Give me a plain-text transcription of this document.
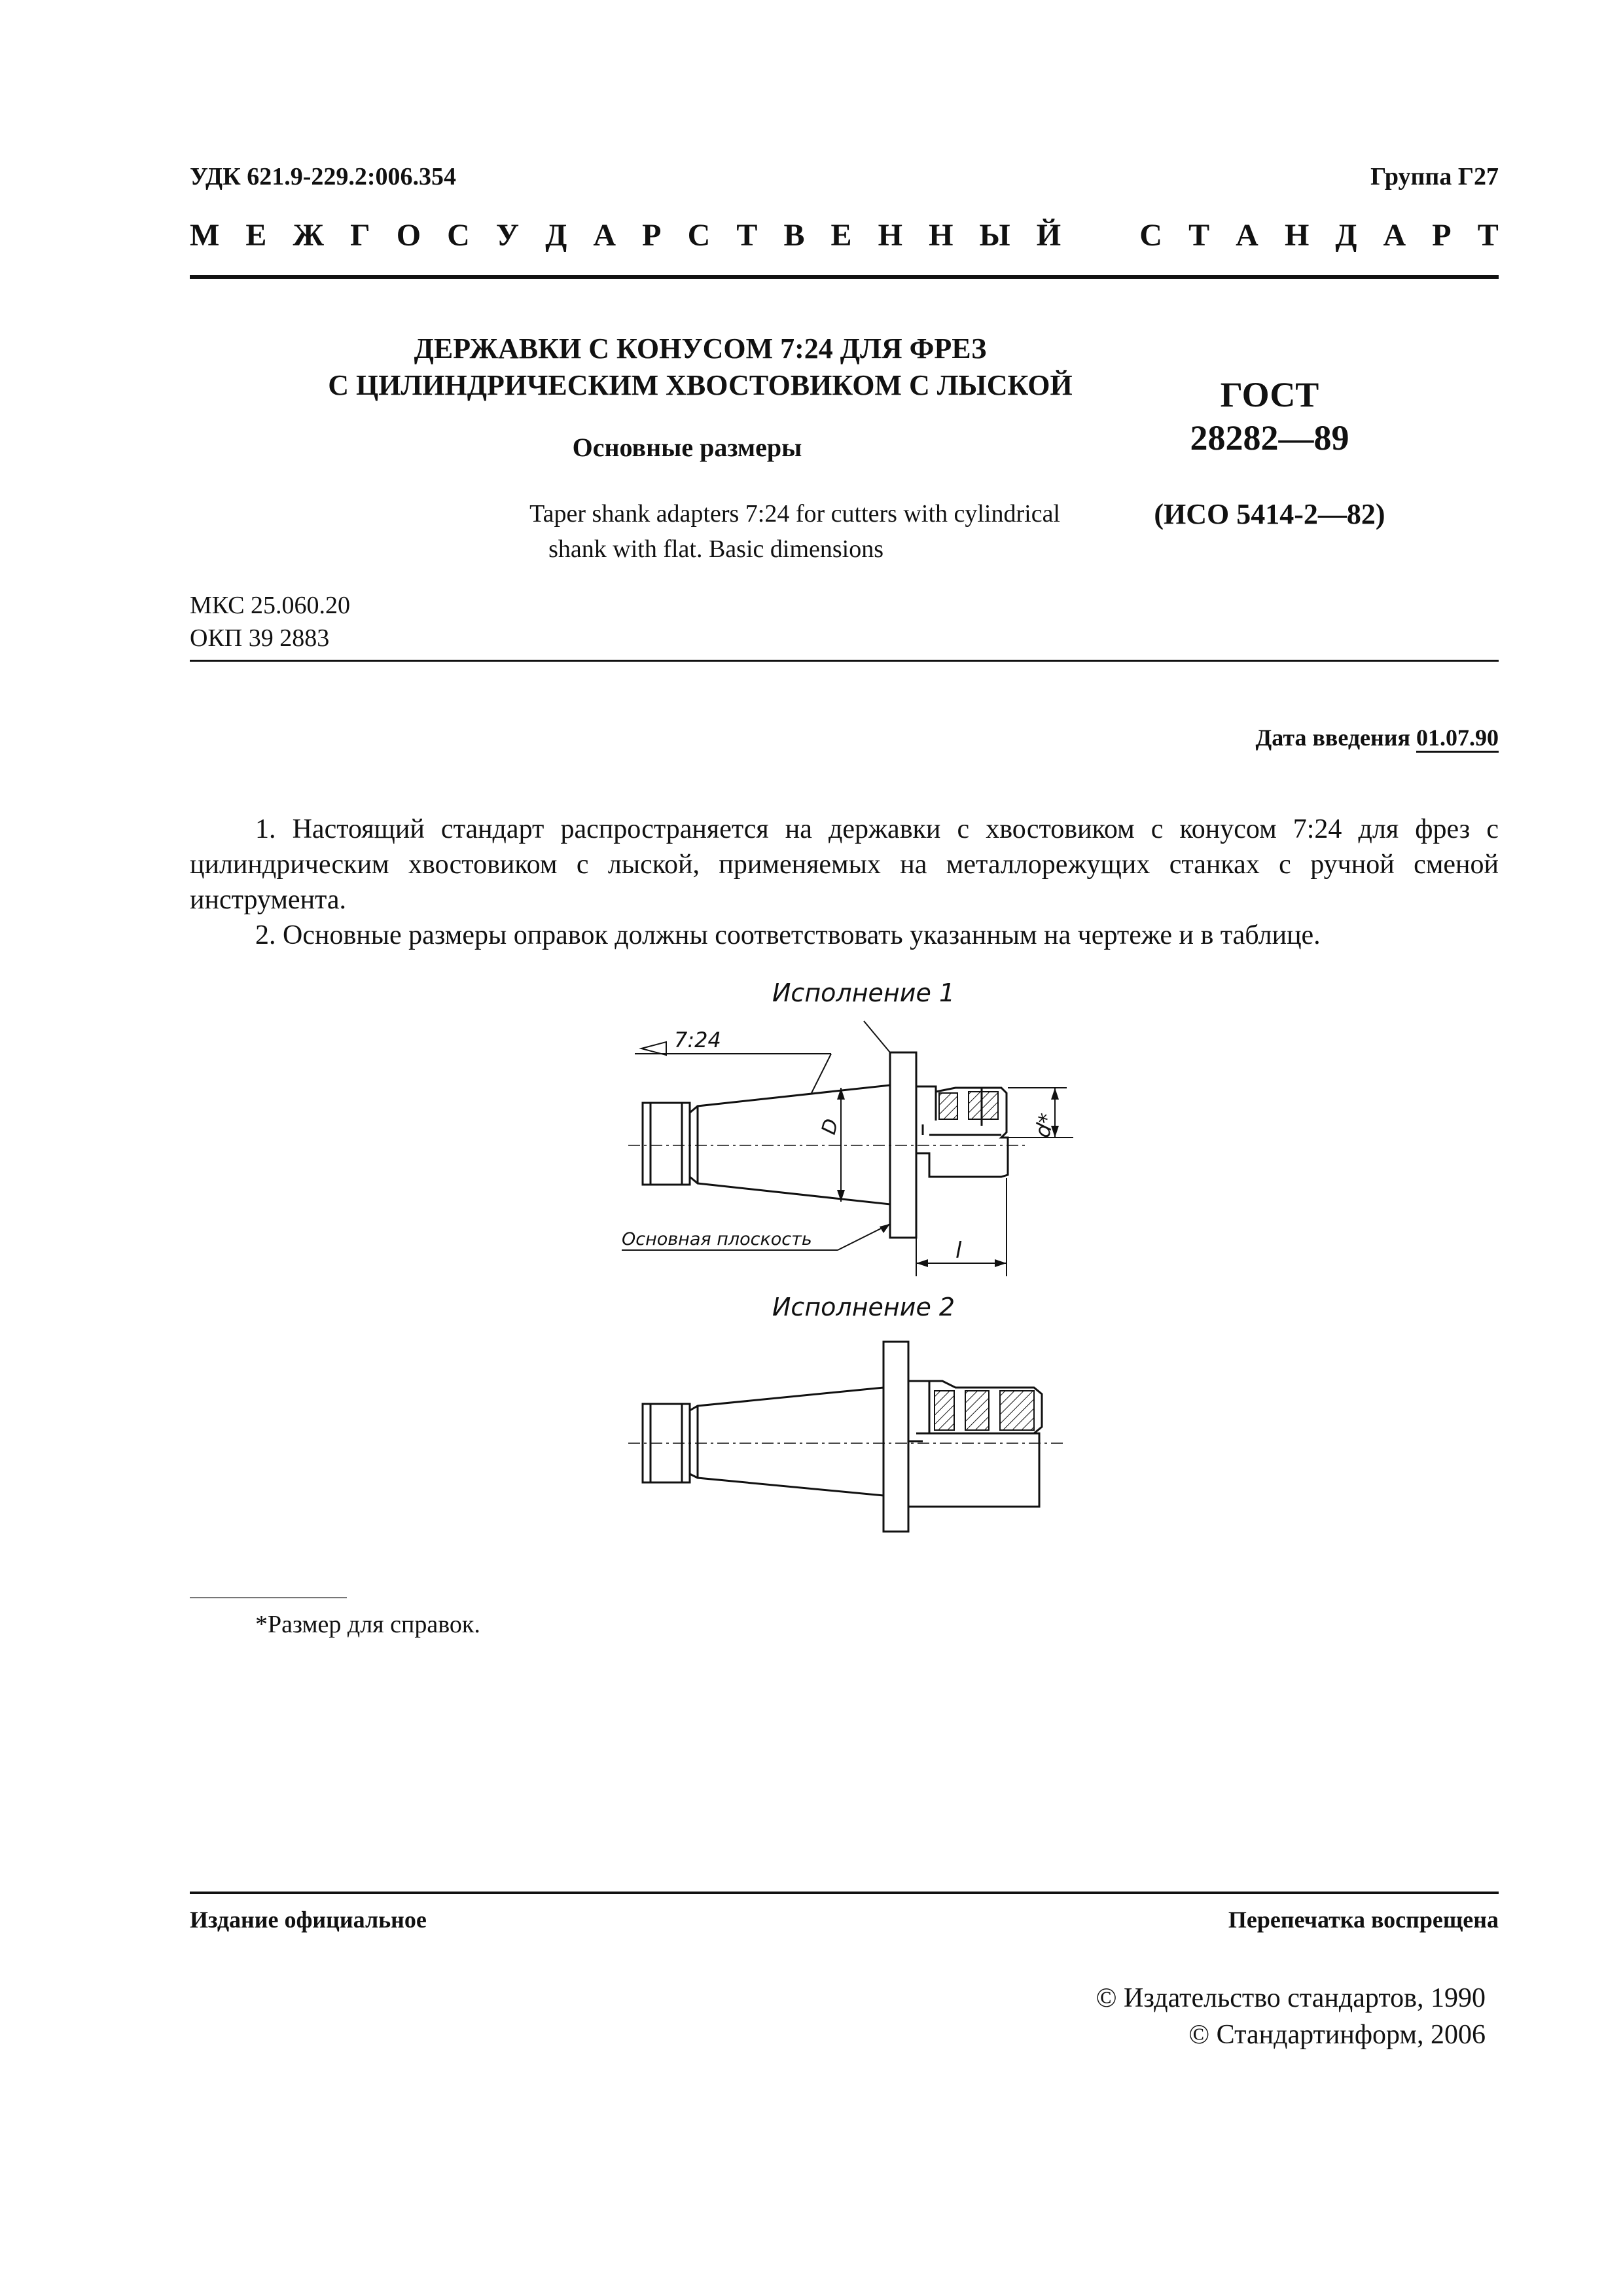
УДК 621.9-229.2:006.354	Группа Г27
М Е Ж Г О С У Д А Р С Т В Е Н Н Ы Й	С Т А Н Д А Р Т
ДЕРЖАВКИ С КОНУСОМ 7:24 ДЛЯ ФРЕЗ
С ЦИЛИНДРИЧЕСКИМ ХВОСТОВИКОМ С ЛЫСКОЙ
Основные размеры
ГОСТ
28282—89
(ИСО 5414-2—82)
Taper shank adapters 7:24 for cutters with cylindrical
shank with flat. Basic dimensions
МКС 25.060.20
ОКП 39 2883
Дата введения 01.07.90

1. Настоящий стандарт распространяется на державки с хвостовиком с конусом 7:24 для фрез с цилиндрическим хвостовиком с лыской, применяемых на металлорежущих станках с ручной сменой инструмента.

2. Основные размеры оправок должны соответствовать указанным на чертеже и в таблице.

Исполнение 1
7:24
D	d*
l
Основная плоскость
Исполнение 2
*Размер для справок.
Издание официальное	Перепечатка воспрещена
© Издательство стандартов, 1990
© Стандартинформ, 2006
